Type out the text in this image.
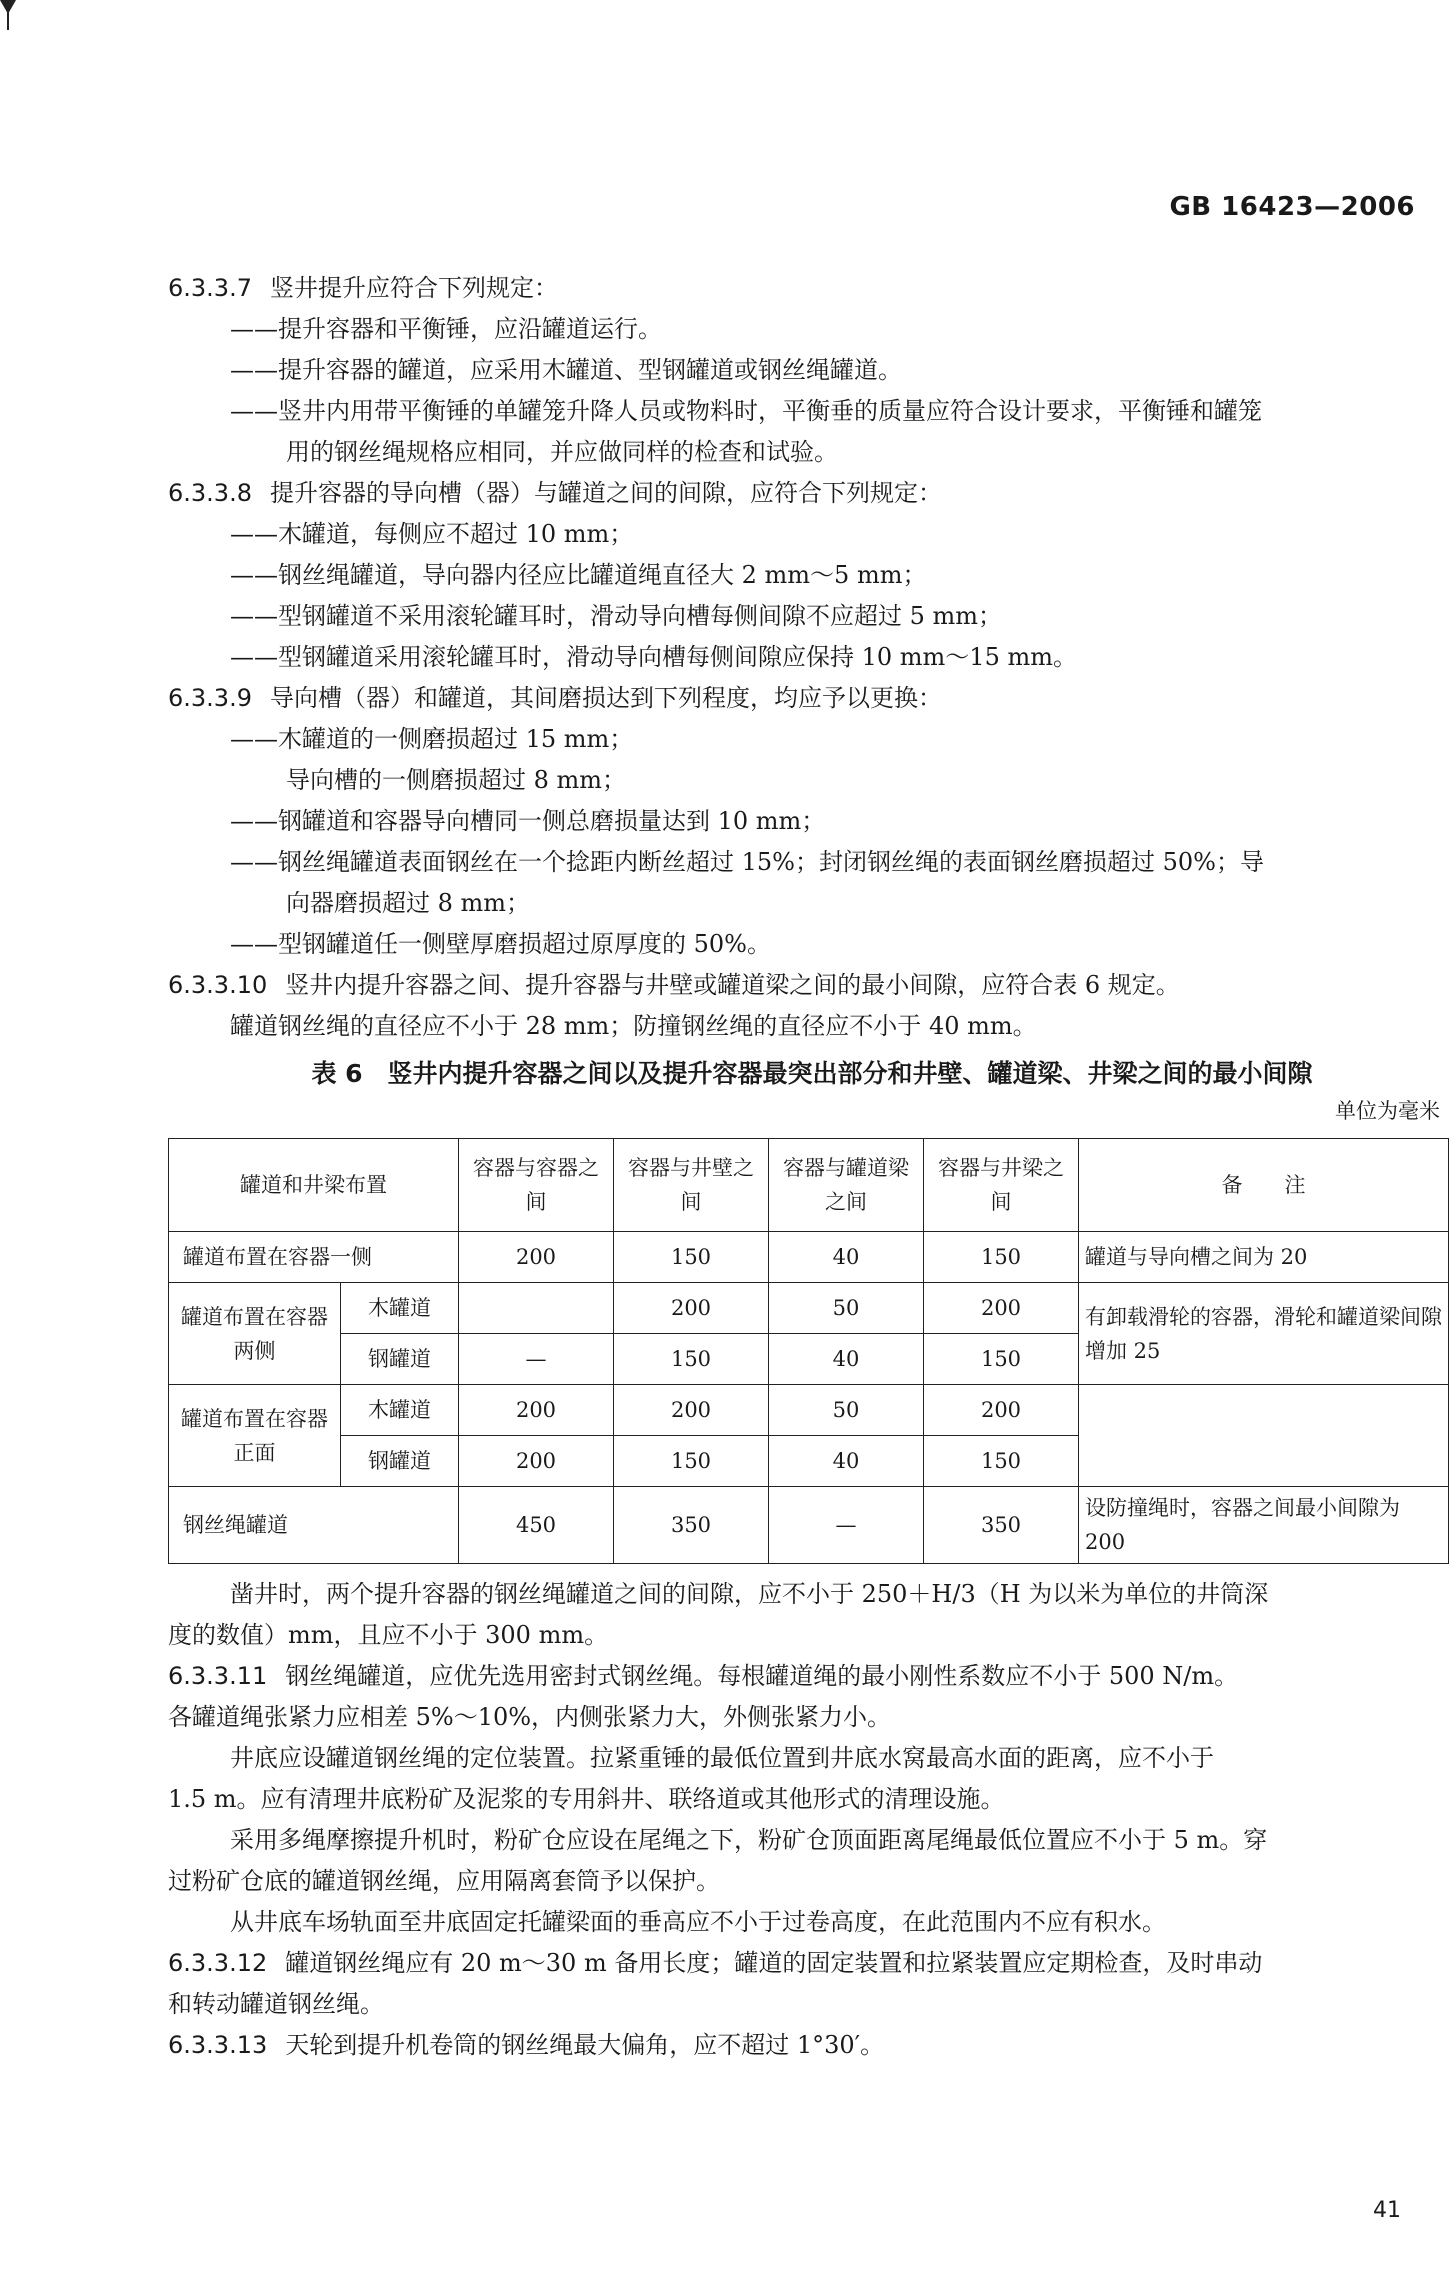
GB 16423—2006
6.3.3.7 竖井提升应符合下列规定：
——提升容器和平衡锤，应沿罐道运行。
——提升容器的罐道，应采用木罐道、型钢罐道或钢丝绳罐道。
——竖井内用带平衡锤的单罐笼升降人员或物料时，平衡垂的质量应符合设计要求，平衡锤和罐笼
用的钢丝绳规格应相同，并应做同样的检查和试验。
6.3.3.8 提升容器的导向槽（器）与罐道之间的间隙，应符合下列规定：
——木罐道，每侧应不超过 10 mm；
——钢丝绳罐道，导向器内径应比罐道绳直径大 2 mm～5 mm；
——型钢罐道不采用滚轮罐耳时，滑动导向槽每侧间隙不应超过 5 mm；
——型钢罐道采用滚轮罐耳时，滑动导向槽每侧间隙应保持 10 mm～15 mm。
6.3.3.9 导向槽（器）和罐道，其间磨损达到下列程度，均应予以更换：
——木罐道的一侧磨损超过 15 mm；
导向槽的一侧磨损超过 8 mm；
——钢罐道和容器导向槽同一侧总磨损量达到 10 mm；
——钢丝绳罐道表面钢丝在一个捻距内断丝超过 15%；封闭钢丝绳的表面钢丝磨损超过 50%；导
向器磨损超过 8 mm；
——型钢罐道任一侧壁厚磨损超过原厚度的 50%。
6.3.3.10 竖井内提升容器之间、提升容器与井壁或罐道梁之间的最小间隙，应符合表 6 规定。
罐道钢丝绳的直径应不小于 28 mm；防撞钢丝绳的直径应不小于 40 mm。
表 6　竖井内提升容器之间以及提升容器最突出部分和井壁、罐道梁、井梁之间的最小间隙
单位为毫米
罐道和井梁布置		容器与容器之间	容器与井壁之间	容器与罐道梁之间	容器与井梁之间	备　　注
罐道布置在容器一侧		200	150	40	150	罐道与导向槽之间为 20
罐道布置在容器两侧	木罐道		200	50	200	有卸载滑轮的容器，滑轮和罐道梁间隙增加 25
	钢罐道	—	150	40	150	
罐道布置在容器正面	木罐道	200	200	50	200	
	钢罐道	200	150	40	150	
钢丝绳罐道		450	350	—	350	设防撞绳时，容器之间最小间隙为 200
凿井时，两个提升容器的钢丝绳罐道之间的间隙，应不小于 250＋H/3（H 为以米为单位的井筒深
度的数值）mm，且应不小于 300 mm。
6.3.3.11 钢丝绳罐道，应优先选用密封式钢丝绳。每根罐道绳的最小刚性系数应不小于 500 N/m。
各罐道绳张紧力应相差 5%～10%，内侧张紧力大，外侧张紧力小。
井底应设罐道钢丝绳的定位装置。拉紧重锤的最低位置到井底水窝最高水面的距离，应不小于
1.5 m。应有清理井底粉矿及泥浆的专用斜井、联络道或其他形式的清理设施。
采用多绳摩擦提升机时，粉矿仓应设在尾绳之下，粉矿仓顶面距离尾绳最低位置应不小于 5 m。穿
过粉矿仓底的罐道钢丝绳，应用隔离套筒予以保护。
从井底车场轨面至井底固定托罐梁面的垂高应不小于过卷高度，在此范围内不应有积水。
6.3.3.12 罐道钢丝绳应有 20 m～30 m 备用长度；罐道的固定装置和拉紧装置应定期检查，及时串动
和转动罐道钢丝绳。
6.3.3.13 天轮到提升机卷筒的钢丝绳最大偏角，应不超过 1°30′。
41
